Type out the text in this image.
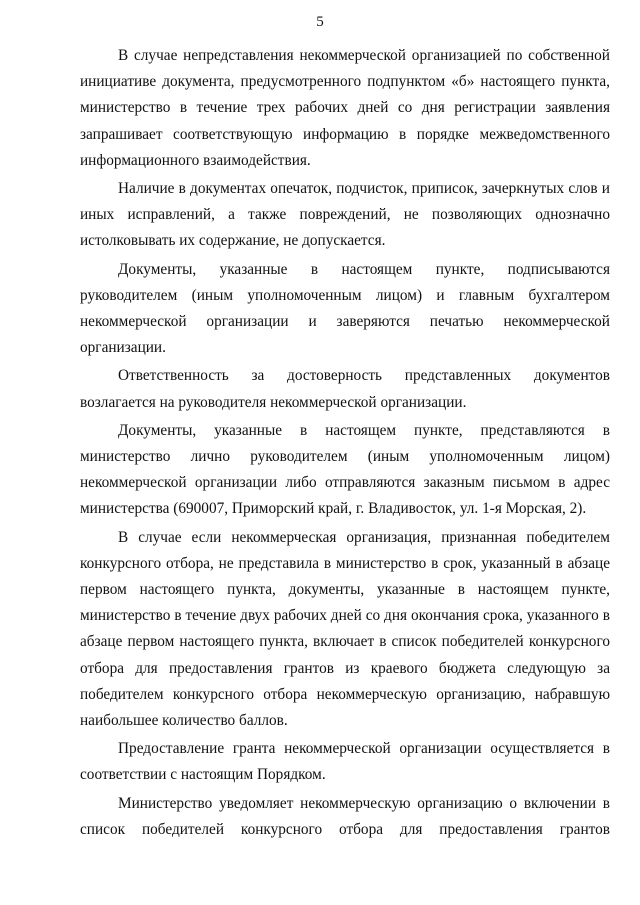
5

В случае непредставления некоммерческой организацией по собственной инициативе документа, предусмотренного подпунктом «б» настоящего пункта, министерство в течение трех рабочих дней со дня регистрации заявления запрашивает соответствующую информацию в порядке межведомственного информационного взаимодействия.

Наличие в документах опечаток, подчисток, приписок, зачеркнутых слов и иных исправлений, а также повреждений, не позволяющих однозначно истолковывать их содержание, не допускается.

Документы, указанные в настоящем пункте, подписываются руководителем (иным уполномоченным лицом) и главным бухгалтером некоммерческой организации и заверяются печатью некоммерческой организации.

Ответственность за достоверность представленных документов возлагается на руководителя некоммерческой организации.

Документы, указанные в настоящем пункте, представляются в министерство лично руководителем (иным уполномоченным лицом) некоммерческой организации либо отправляются заказным письмом в адрес министерства (690007, Приморский край, г. Владивосток, ул. 1-я Морская, 2).

В случае если некоммерческая организация, признанная победителем конкурсного отбора, не представила в министерство в срок, указанный в абзаце первом настоящего пункта, документы, указанные в настоящем пункте, министерство в течение двух рабочих дней со дня окончания срока, указанного в абзаце первом настоящего пункта, включает в список победителей конкурсного отбора для предоставления грантов из краевого бюджета следующую за победителем конкурсного отбора некоммерческую организацию, набравшую наибольшее количество баллов.

Предоставление гранта некоммерческой организации осуществляется в соответствии с настоящим Порядком.

Министерство уведомляет некоммерческую организацию о включении в список победителей конкурсного отбора для предоставления грантов
